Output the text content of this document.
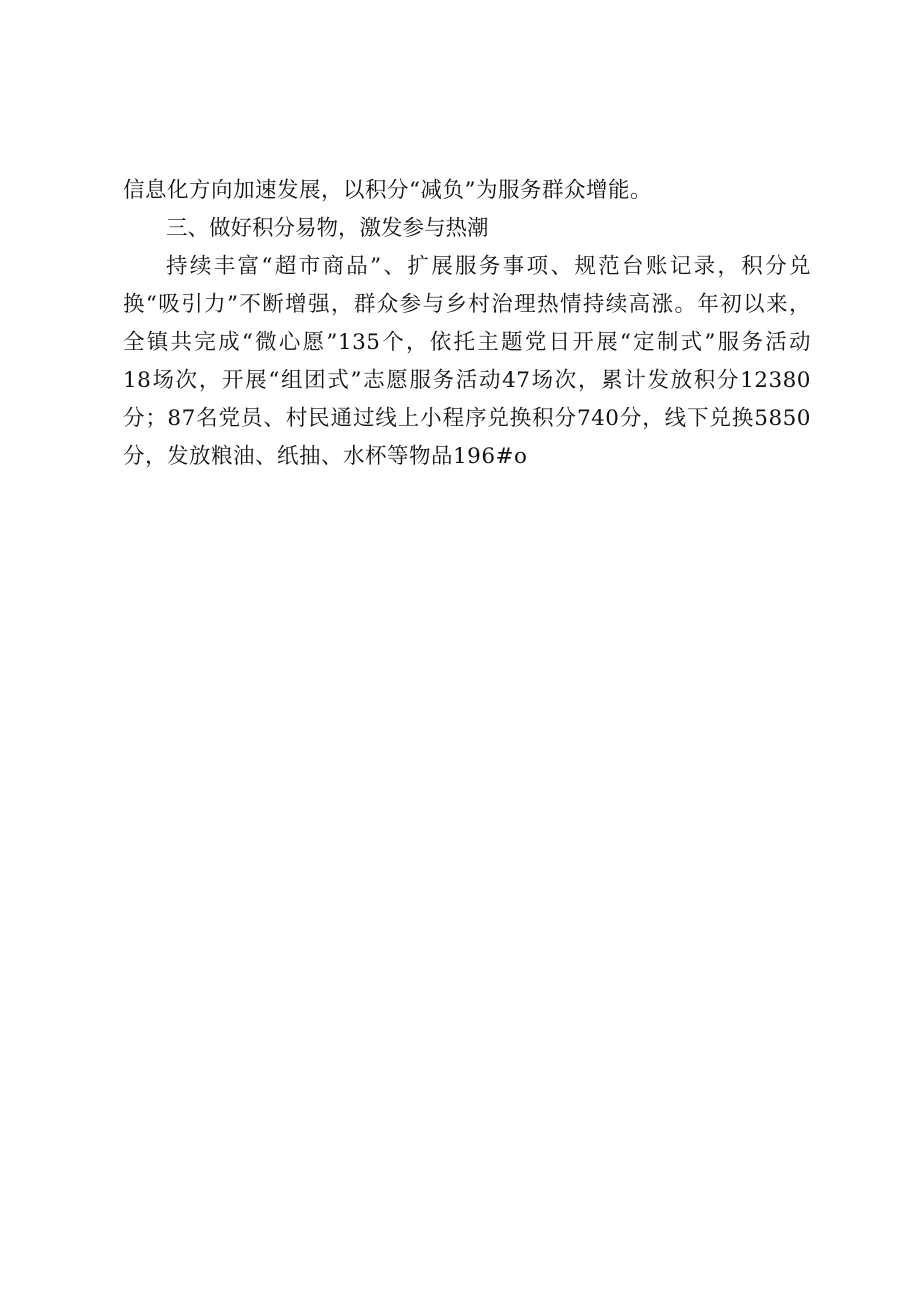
信息化方向加速发展，以积分“减负”为服务群众增能。
三、做好积分易物，激发参与热潮
持续丰富“超市商品”、扩展服务事项、规范台账记录，积分兑
换“吸引力”不断增强，群众参与乡村治理热情持续高涨。年初以来，
全镇共完成“微心愿”135个，依托主题党日开展“定制式”服务活动
18场次，开展“组团式”志愿服务活动47场次，累计发放积分12380
分；87名党员、村民通过线上小程序兑换积分740分，线下兑换5850
分，发放粮油、纸抽、水杯等物品196#o
